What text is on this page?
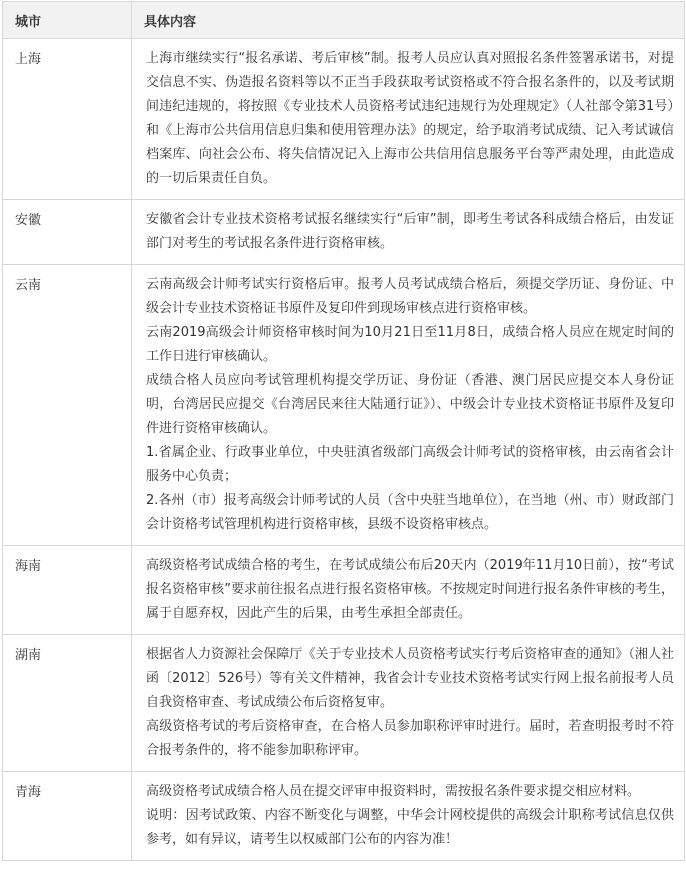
城市	具体内容
上海	上海市继续实行“报名承诺、考后审核”制。报考人员应认真对照报名条件签署承诺书，对提交信息不实、伪造报名资料等以不正当手段获取考试资格或不符合报名条件的，以及考试期间违纪违规的，将按照《专业技术人员资格考试违纪违规行为处理规定》（人社部令第31号）和《上海市公共信用信息归集和使用管理办法》的规定，给予取消考试成绩、记入考试诚信档案库、向社会公布、将失信情况记入上海市公共信用信息服务平台等严肃处理，由此造成的一切后果责任自负。

安徽	安徽省会计专业技术资格考试报名继续实行“后审”制，即考生考试各科成绩合格后，由发证部门对考生的考试报名条件进行资格审核。

云南	云南高级会计师考试实行资格后审。报考人员考试成绩合格后，须提交学历证、身份证、中级会计专业技术资格证书原件及复印件到现场审核点进行资格审核。

云南2019高级会计师资格审核时间为10月21日至11月8日，成绩合格人员应在规定时间的工作日进行审核确认。

成绩合格人员应向考试管理机构提交学历证、身份证（香港、澳门居民应提交本人身份证明，台湾居民应提交《台湾居民来往大陆通行证》）、中级会计专业技术资格证书原件及复印件进行资格审核确认。

1.省属企业、行政事业单位，中央驻滇省级部门高级会计师考试的资格审核，由云南省会计服务中心负责；

2.各州（市）报考高级会计师考试的人员（含中央驻当地单位），在当地（州、市）财政部门会计资格考试管理机构进行资格审核，县级不设资格审核点。

海南	高级资格考试成绩合格的考生，在考试成绩公布后20天内（2019年11月10日前），按“考试报名资格审核”要求前往报名点进行报名资格审核。不按规定时间进行报名条件审核的考生，属于自愿弃权，因此产生的后果，由考生承担全部责任。

湖南	根据省人力资源社会保障厅《关于专业技术人员资格考试实行考后资格审查的通知》（湘人社函〔2012〕526号）等有关文件精神，我省会计专业技术资格考试实行网上报名前报考人员自我资格审查、考试成绩公布后资格复审。

高级资格考试的考后资格审查，在合格人员参加职称评审时进行。届时，若查明报考时不符合报考条件的，将不能参加职称评审。

青海	高级资格考试成绩合格人员在提交评审申报资料时，需按报名条件要求提交相应材料。

说明：因考试政策、内容不断变化与调整，中华会计网校提供的高级会计职称考试信息仅供参考，如有异议，请考生以权威部门公布的内容为准！
